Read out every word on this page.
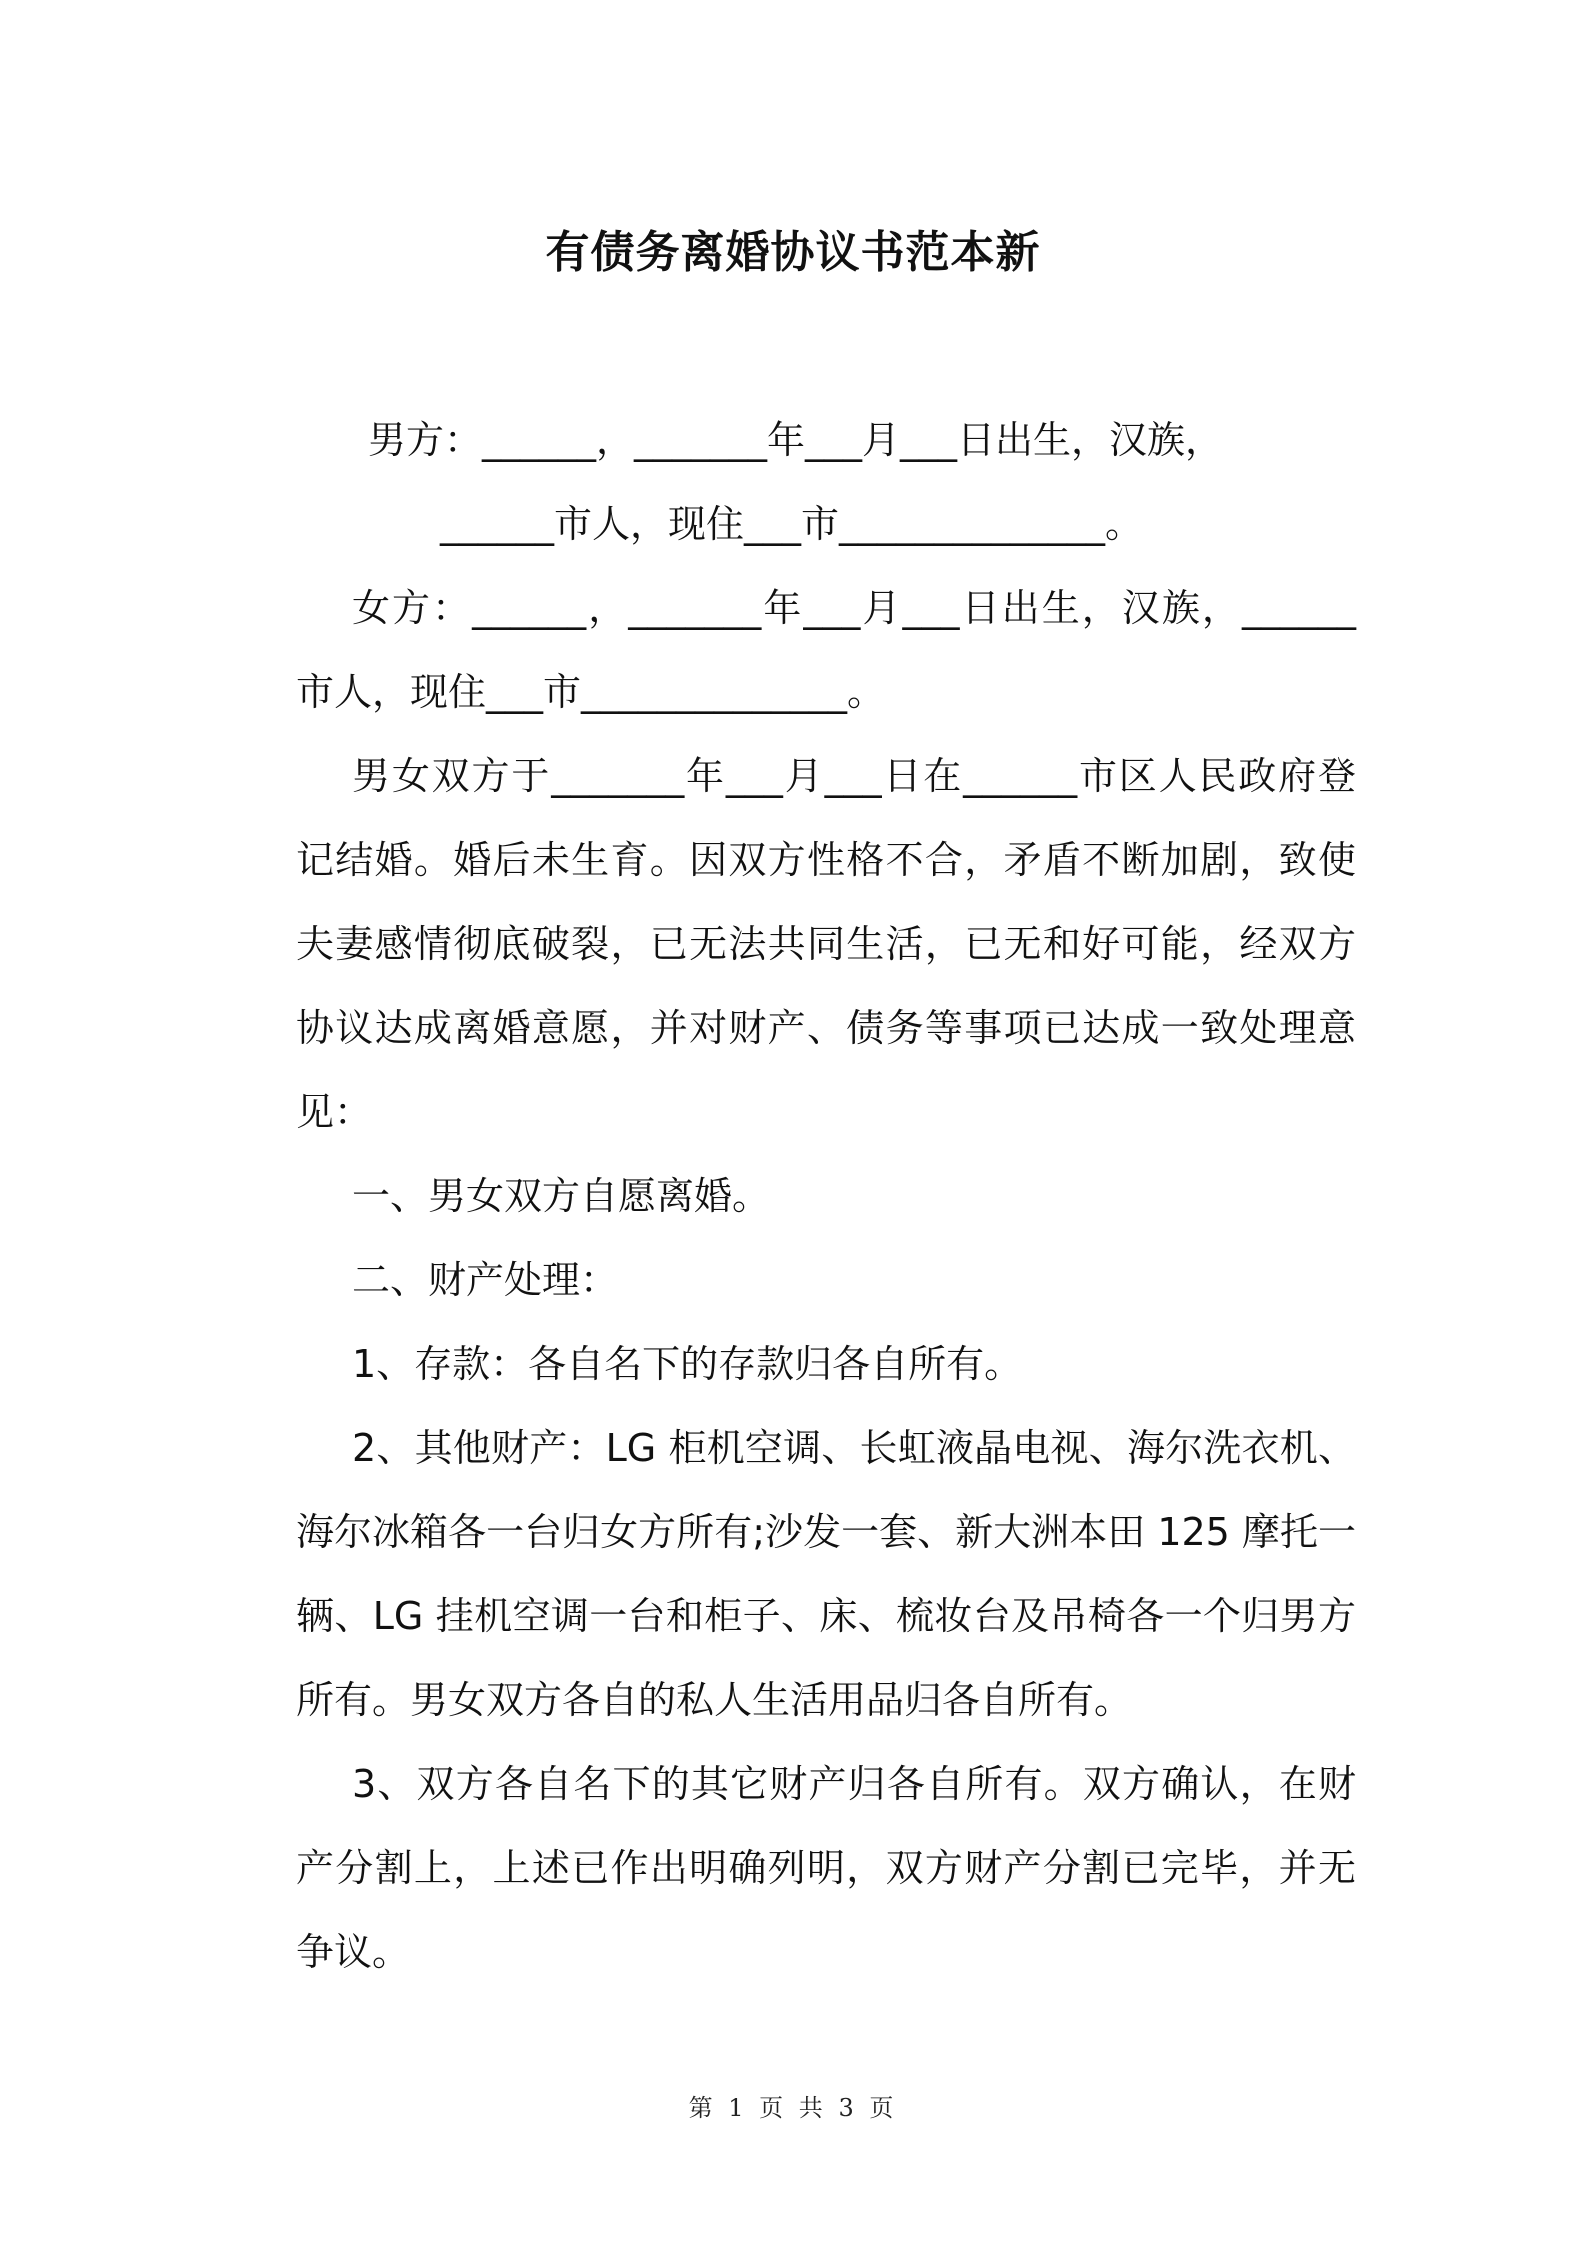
有债务离婚协议书范本新

男方：______，_______年___月___日出生，汉族，
______市人，现住___市______________。

女方：______，_______年___月___日出生，汉族，______市人，现住___市______________。

男女双方于_______年___月___日在______市区人民政府登记结婚。婚后未生育。因双方性格不合，矛盾不断加剧，致使夫妻感情彻底破裂，已无法共同生活，已无和好可能，经双方协议达成离婚意愿，并对财产、债务等事项已达成一致处理意见：

一、男女双方自愿离婚。

二、财产处理：

1、存款：各自名下的存款归各自所有。

2、其他财产：LG 柜机空调、长虹液晶电视、海尔洗衣机、海尔冰箱各一台归女方所有;沙发一套、新大洲本田 125 摩托一辆、LG 挂机空调一台和柜子、床、梳妆台及吊椅各一个归男方所有。男女双方各自的私人生活用品归各自所有。

3、双方各自名下的其它财产归各自所有。双方确认，在财产分割上，上述已作出明确列明，双方财产分割已完毕，并无争议。

第 1 页 共 3 页
